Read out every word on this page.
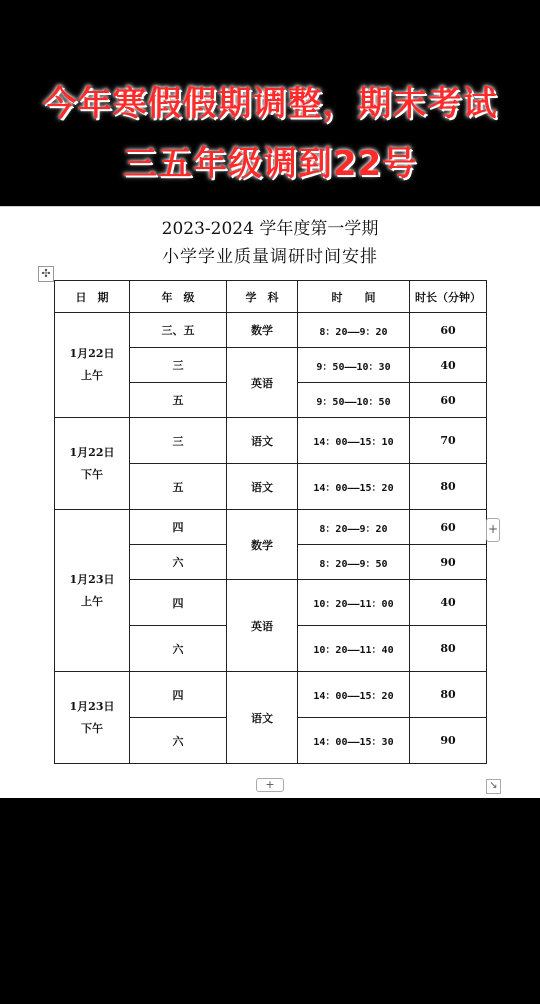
今年寒假假期调整，期末考试
三五年级调到22号
2023-2024 学年度第一学期
小学学业质量调研时间安排
✣
日　期	年　级	学　科	时　　间	时长（分钟）

1月22日
上午	三、五	数学	8：20——9：20	60
	三	英语	9：50——10：30	40
	五		9：50——10：50	60

1月22日
下午	三	语文	14：00——15：10	70
	五	语文	14：00——15：20	80

1月23日
上午	四	数学	8：20——9：20	60
	六		8：20——9：50	90
	四	英语	10：20——11：00	40
	六		10：20——11：40	80

1月23日
下午	四	语文	14：00——15：20	80
	六		14：00——15：30	90
+
+	↘
